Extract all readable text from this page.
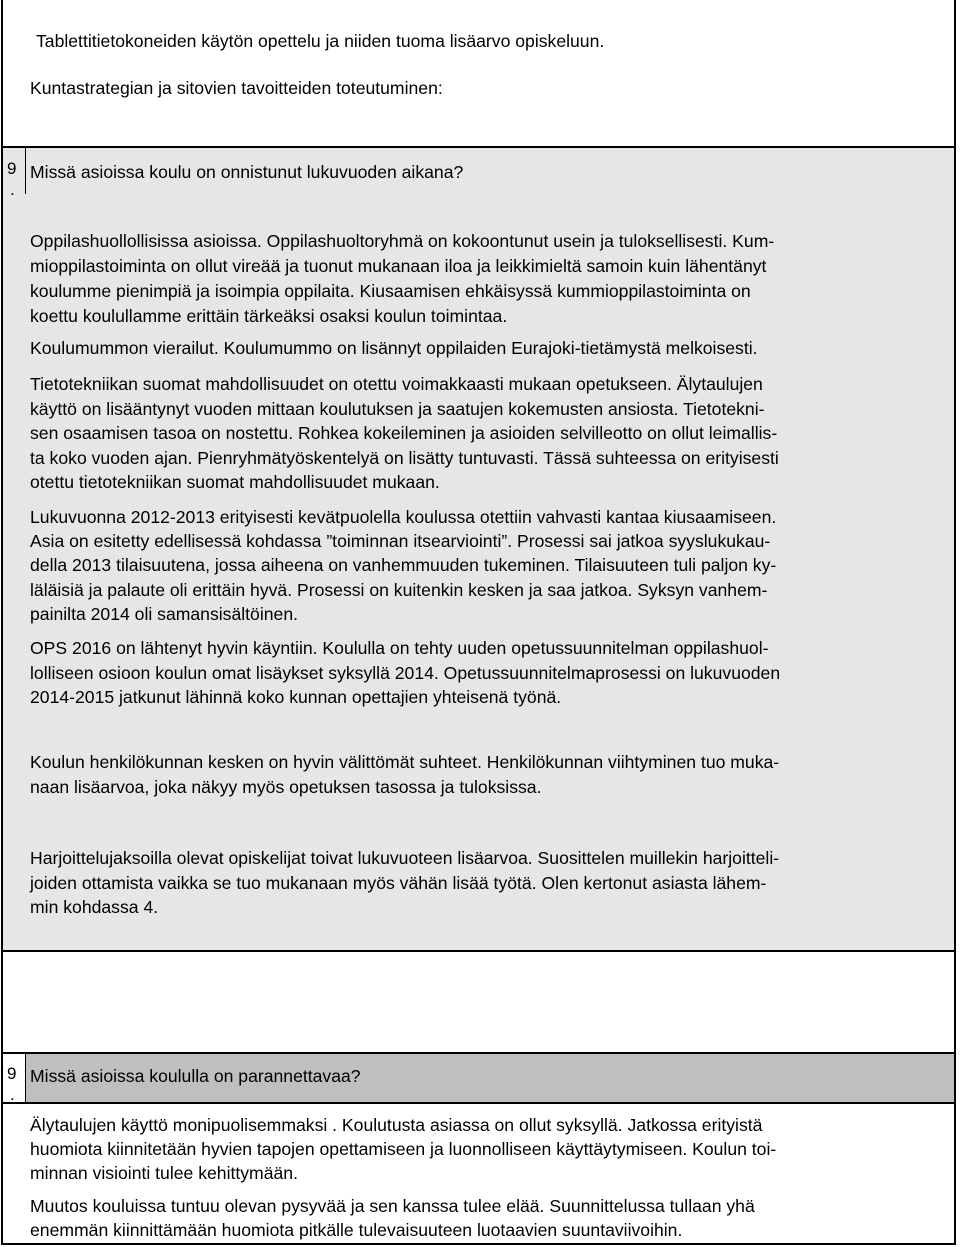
Tablettitietokoneiden käytön opettelu ja niiden tuoma lisäarvo opiskeluun.
Kuntastrategian ja sitovien tavoitteiden toteutuminen:
9
.
Missä asioissa koulu on onnistunut lukuvuoden aikana?
Oppilashuollollisissa asioissa. Oppilashuoltoryhmä on kokoontunut usein ja tuloksellisesti. Kum-
mioppilastoiminta on ollut vireää ja tuonut mukanaan iloa ja leikkimieltä samoin kuin lähentänyt
koulumme pienimpiä ja isoimpia oppilaita. Kiusaamisen ehkäisyssä kummioppilastoiminta on
koettu koulullamme erittäin tärkeäksi osaksi koulun toimintaa.
Koulumummon vierailut. Koulumummo on lisännyt oppilaiden Eurajoki-tietämystä melkoisesti.
Tietotekniikan suomat mahdollisuudet on otettu voimakkaasti mukaan opetukseen. Älytaulujen
käyttö on lisääntynyt vuoden mittaan koulutuksen ja saatujen kokemusten ansiosta. Tietotekni-
sen osaamisen tasoa on nostettu. Rohkea kokeileminen ja asioiden selvilleotto on ollut leimallis-
ta koko vuoden ajan. Pienryhmätyöskentelyä on lisätty tuntuvasti. Tässä suhteessa on erityisesti
otettu tietotekniikan suomat mahdollisuudet mukaan.
Lukuvuonna 2012-2013 erityisesti kevätpuolella koulussa otettiin vahvasti kantaa kiusaamiseen.
Asia on esitetty edellisessä kohdassa ”toiminnan itsearviointi”. Prosessi sai jatkoa syyslukukau-
della 2013 tilaisuutena, jossa aiheena on vanhemmuuden tukeminen. Tilaisuuteen tuli paljon ky-
läläisiä ja palaute oli erittäin hyvä. Prosessi on kuitenkin kesken ja saa jatkoa. Syksyn vanhem-
painilta 2014 oli samansisältöinen.
OPS 2016 on lähtenyt hyvin käyntiin. Koululla on tehty uuden opetussuunnitelman oppilashuol-
lolliseen osioon koulun omat lisäykset syksyllä 2014. Opetussuunnitelmaprosessi on lukuvuoden
2014-2015 jatkunut lähinnä koko kunnan opettajien yhteisenä työnä.
Koulun henkilökunnan kesken on hyvin välittömät suhteet. Henkilökunnan viihtyminen tuo muka-
naan lisäarvoa, joka näkyy myös opetuksen tasossa ja tuloksissa.
Harjoittelujaksoilla olevat opiskelijat toivat lukuvuoteen lisäarvoa. Suosittelen muillekin harjoitteli-
joiden ottamista vaikka se tuo mukanaan myös vähän lisää työtä. Olen kertonut asiasta lähem-
min kohdassa 4.
9
.
Missä asioissa koululla on parannettavaa?
Älytaulujen käyttö monipuolisemmaksi . Koulutusta asiassa on ollut syksyllä. Jatkossa erityistä
huomiota kiinnitetään hyvien tapojen opettamiseen ja luonnolliseen käyttäytymiseen. Koulun toi-
minnan visiointi tulee kehittymään.
Muutos kouluissa tuntuu olevan pysyvää ja sen kanssa tulee elää. Suunnittelussa tullaan yhä
enemmän kiinnittämään huomiota pitkälle tulevaisuuteen luotaavien suuntaviivoihin.
